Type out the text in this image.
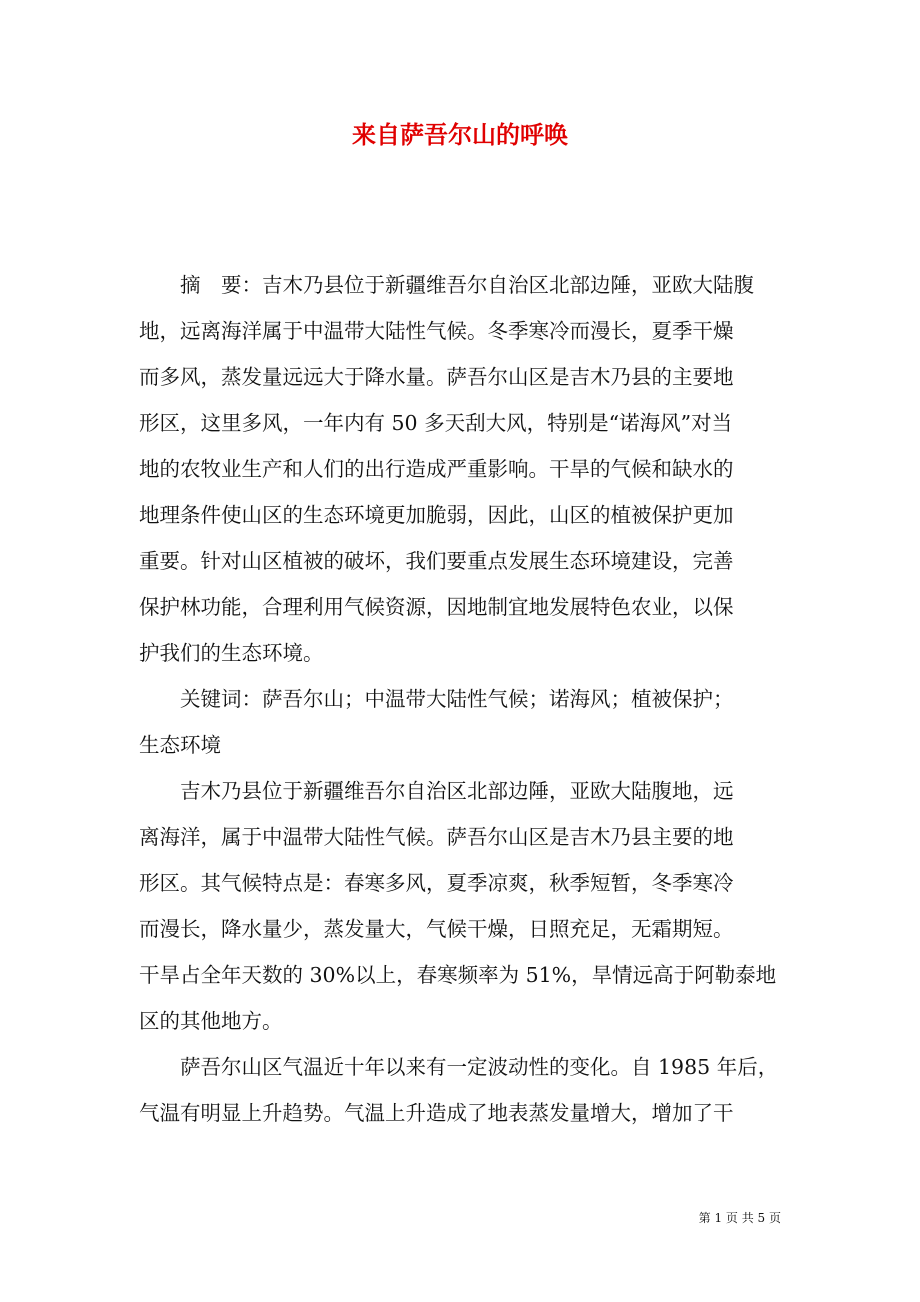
来自萨吾尔山的呼唤
　　摘　要：吉木乃县位于新疆维吾尔自治区北部边陲，亚欧大陆腹
地，远离海洋属于中温带大陆性气候。冬季寒冷而漫长，夏季干燥
而多风，蒸发量远远大于降水量。萨吾尔山区是吉木乃县的主要地
形区，这里多风，一年内有 50 多天刮大风，特别是“诺海风”对当
地的农牧业生产和人们的出行造成严重影响。干旱的气候和缺水的
地理条件使山区的生态环境更加脆弱，因此，山区的植被保护更加
重要。针对山区植被的破坏，我们要重点发展生态环境建设，完善
保护林功能，合理利用气候资源，因地制宜地发展特色农业，以保
护我们的生态环境。
　　关键词：萨吾尔山；中温带大陆性气候；诺海风；植被保护；
生态环境
　　吉木乃县位于新疆维吾尔自治区北部边陲，亚欧大陆腹地，远
离海洋，属于中温带大陆性气候。萨吾尔山区是吉木乃县主要的地
形区。其气候特点是：春寒多风，夏季凉爽，秋季短暂，冬季寒冷
而漫长，降水量少，蒸发量大，气候干燥，日照充足，无霜期短。
干旱占全年天数的 30%以上，春寒频率为 51%，旱情远高于阿勒泰地
区的其他地方。
　　萨吾尔山区气温近十年以来有一定波动性的变化。自 1985 年后，
气温有明显上升趋势。气温上升造成了地表蒸发量增大，增加了干
第 1 页 共 5 页
